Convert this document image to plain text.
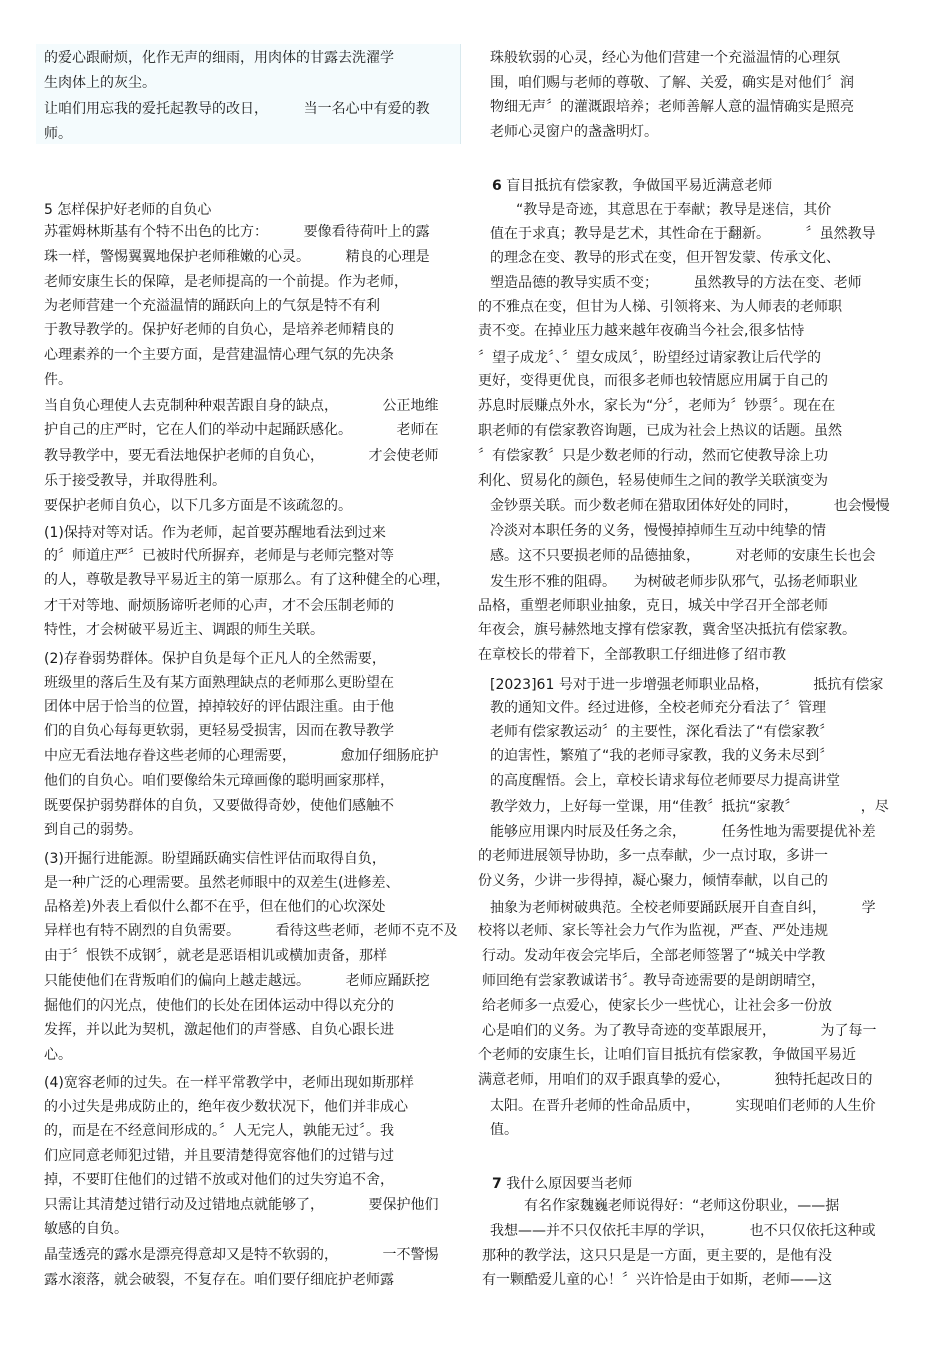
的爱心跟耐烦，化作无声的细雨，用肉体的甘露去洗濯学
生肉体上的灰尘。
让咱们用忘我的爱托起教导的改日，        当一名心中有爱的教
师。
5 怎样保护好老师的自负心
苏霍姆林斯基有个特不出色的比方：        要像看待荷叶上的露
珠一样，警惕翼翼地保护老师稚嫩的心灵。        精良的心理是
老师安康生长的保障，是老师提高的一个前提。作为老师，
为老师营建一个充溢温情的踊跃向上的气氛是特不有利
于教导教学的。保护好老师的自负心，是培养老师精良的
心理素养的一个主要方面，是营建温情心理气氛的先决条
件。
当自负心理使人去克制种种艰苦跟自身的缺点，          公正地维
护自己的庄严时，它在人们的举动中起踊跃感化。          老师在
教导教学中，要无看法地保护老师的自负心，          才会使老师
乐于接受教导，并取得胜利。
要保护老师自负心，以下几多方面是不该疏忽的。
(1)保持对等对话。作为老师，起首要苏醒地看法到过来
的〞师道庄严〞已被时代所摒弃，老师是与老师完整对等
的人，尊敬是教导平易近主的第一原那么。有了这种健全的心理，
才干对等地、耐烦肠谛听老师的心声，才不会压制老师的
特性，才会树破平易近主、调跟的师生关联。
(2)存眷弱势群体。保护自负是每个正凡人的全然需要，
班级里的落后生及有某方面熟理缺点的老师那么更盼望在
团体中居于恰当的位置，掉掉较好的评估跟注重。由于他
们的自负心每每更软弱，更轻易受损害，因而在教导教学
中应无看法地存眷这些老师的心理需要，          愈加仔细肠庇护
他们的自负心。咱们要像给朱元璋画像的聪明画家那样，
既要保护弱势群体的自负，又要做得奇妙，使他们感触不
到自己的弱势。
(3)开掘行进能源。盼望踊跃确实信性评估而取得自负，
是一种广泛的心理需要。虽然老师眼中的双差生(进修差、
品格差)外表上看似什么都不在乎，但在他们的心坎深处
异样也有特不剧烈的自负需要。        看待这些老师，老师不克不及
由于〞恨铁不成钢〞，就老是恶语相讥或横加责备，那样
只能使他们在背叛咱们的偏向上越走越远。        老师应踊跃挖
掘他们的闪光点，使他们的长处在团体运动中得以充分的
发挥，并以此为契机，激起他们的声誉感、自负心跟长进
心。
(4)宽容老师的过失。在一样平常教学中，老师出现如斯那样
的小过失是弗成防止的，绝年夜少数状况下，他们并非成心
的，而是在不经意间形成的。〞人无完人，孰能无过〞。我
们应同意老师犯过错，并且要清楚得宽容他们的过错与过
掉，不要盯住他们的过错不放或对他们的过失穷追不舍，
只需让其清楚过错行动及过错地点就能够了，          要保护他们
敏感的自负。
晶莹透亮的露水是漂亮得意却又是特不软弱的，          一不警惕
露水滚落，就会破裂，不复存在。咱们要仔细庇护老师露
珠般软弱的心灵，经心为他们营建一个充溢温情的心理氛
围，咱们赐与老师的尊敬、了解、关爱，确实是对他们〞润
物细无声〞的灌溉跟培养；老师善解人意的温情确实是照亮
老师心灵窗户的盏盏明灯。
6 盲目抵抗有偿家教，争做国平易近满意老师
“教导是奇迹，其意思在于奉献；教导是迷信，其价
值在于求真；教导是艺术，其性命在于翻新。        〞虽然教导
的理念在变、教导的形式在变，但开智发蒙、传承文化、
塑造品德的教导实质不变；        虽然教导的方法在变、老师
的不雅点在变，但甘为人梯、引领将来、为人师表的老师职
责不变。在掉业压力越来越年夜确当今社会,很多怙恃
〞望子成龙〞、〞望女成凤〞，盼望经过请家教让后代学的
更好，变得更优良，而很多老师也较情愿应用属于自己的
苏息时辰赚点外水，家长为“分〞，老师为〞钞票〞。现在在
职老师的有偿家教咨询题，已成为社会上热议的话题。虽然
〞有偿家教〞只是少数老师的行动，然而它使教导涂上功
利化、贸易化的颜色，轻易使师生之间的教学关联演变为
金钞票关联。而少数老师在猎取团体好处的同时，        也会慢慢
冷淡对本职任务的义务，慢慢掉掉师生互动中纯挚的情
感。这不只要损老师的品德抽象，        对老师的安康生长也会
发生形不雅的阻碍。    为树破老师步队邪气，弘扬老师职业
品格，重塑老师职业抽象，克日，城关中学召开全部老师
年夜会，旗号赫然地支撑有偿家教，冀舍坚决抵抗有偿家教。
在章校长的带着下，全部教职工仔细进修了绍市教
[2023]61 号对于进一步增强老师职业品格，          抵抗有偿家
教的通知文件。经过进修，全校老师充分看法了〞管理
老师有偿家教运动〞的主要性，深化看法了“有偿家教〞
的迫害性，繁殖了“我的老师寻家教，我的义务未尽到〞
的高度醒悟。会上，章校长请求每位老师要尽力提高讲堂
教学效力，上好每一堂课，用“佳教〞抵抗“家教〞              ，尽
能够应用课内时辰及任务之余，        任务性地为需要提优补差
的老师进展领导协助，多一点奉献，少一点讨取，多讲一
份义务，少讲一步得掉，凝心聚力，倾情奉献，以自己的
抽象为老师树破典范。全校老师要踊跃展开自查自纠，        学
校将以老师、家长等社会力气作为监视，严查、严处违规
行动。发动年夜会完毕后，全部老师签署了“城关中学教
师回绝有尝家教诚诺书〞。教导奇迹需要的是朗朗晴空，
给老师多一点爱心，使家长少一些忧心，让社会多一份放
心是咱们的义务。为了教导奇迹的变革跟展开，          为了每一
个老师的安康生长，让咱们盲目抵抗有偿家教，争做国平易近
满意老师，用咱们的双手跟真挚的爱心，          独特托起改日的
太阳。在晋升老师的性命品质中，        实现咱们老师的人生价
值。
7 我什么原因要当老师
有名作家魏巍老师说得好：“老师这份职业，——据
我想——并不只仅依托丰厚的学识，        也不只仅依托这种或
那种的教学法，这只只是是一方面，更主要的，是他有没
有一颗酷爱儿童的心！〞兴许恰是由于如斯，老师——这
